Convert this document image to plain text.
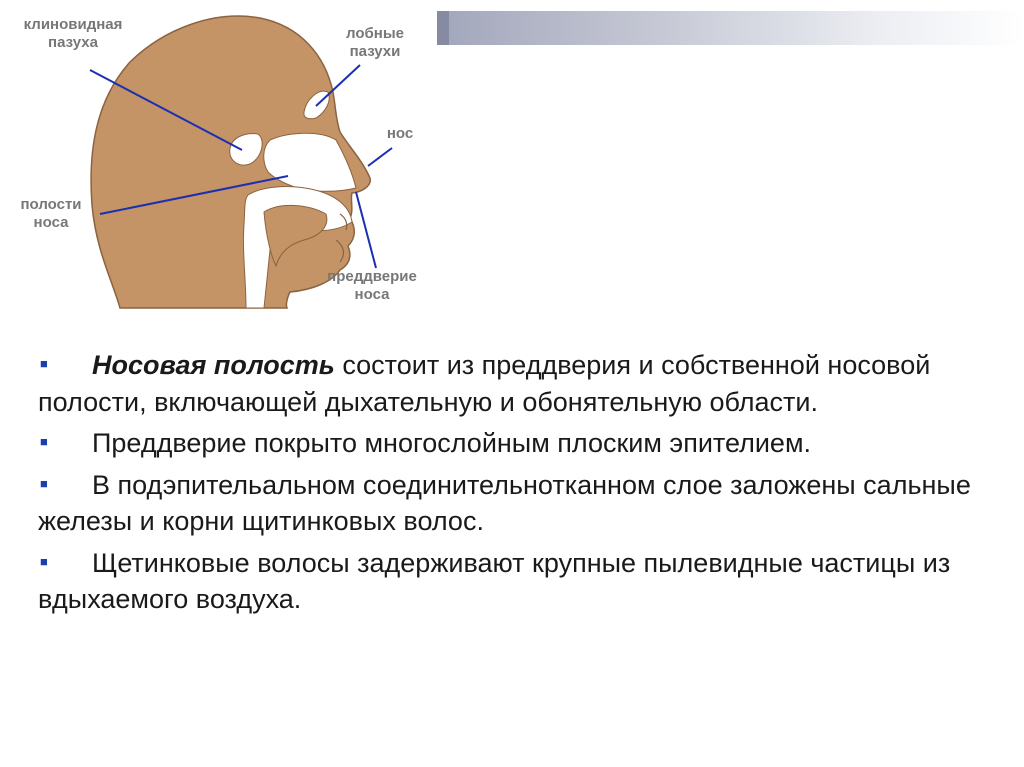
клиновидная
пазуха
лобные
пазухи
нос
полости
носа
преддверие
носа

■ Носовая полость состоит из преддверия и собственной носовой полости, включающей дыхательную и обонятельную области.

■ Преддверие покрыто многослойным плоским эпителием.

■ В подэпительальном соединительнотканном слое заложены сальные железы и корни щитинковых волос.

■ Щетинковые волосы задерживают крупные пылевидные частицы из вдыхаемого воздуха.
